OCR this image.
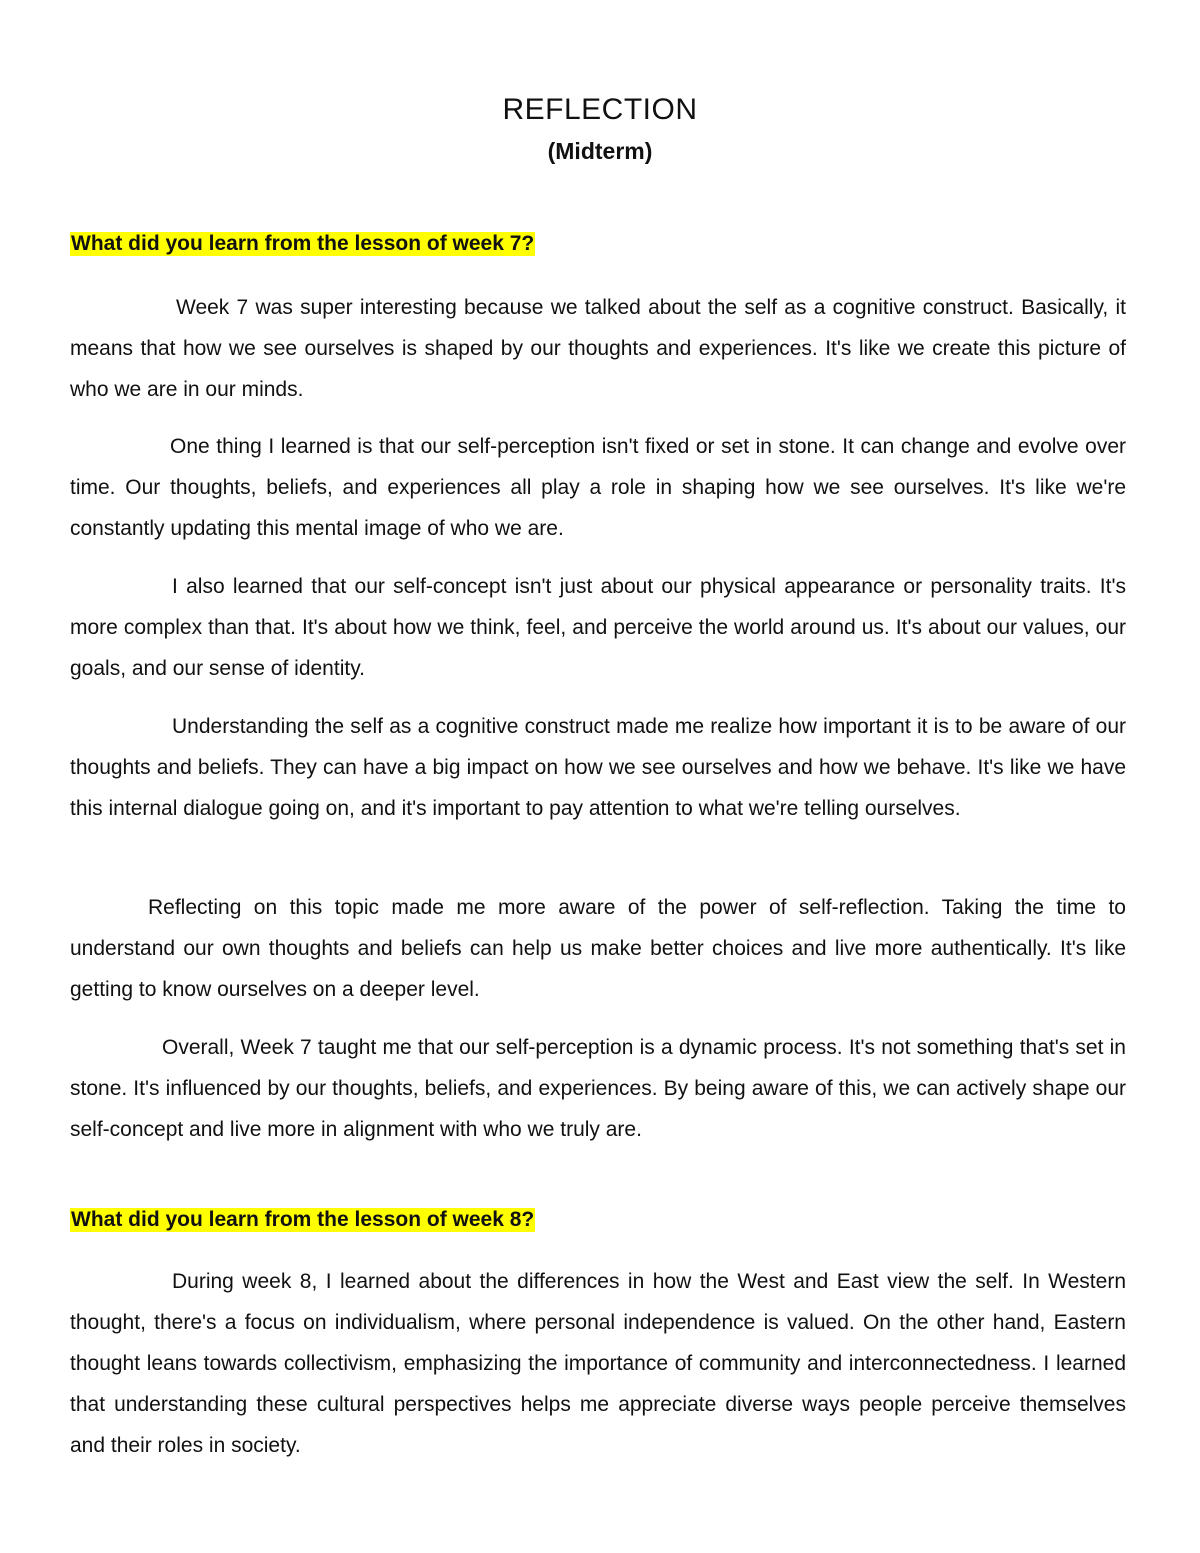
REFLECTION
(Midterm)
What did you learn from the lesson of week 7?

Week 7 was super interesting because we talked about the self as a cognitive construct. Basically, it means that how we see ourselves is shaped by our thoughts and experiences. It's like we create this picture of who we are in our minds.

One thing I learned is that our self-perception isn't fixed or set in stone. It can change and evolve over time. Our thoughts, beliefs, and experiences all play a role in shaping how we see ourselves. It's like we're constantly updating this mental image of who we are.

I also learned that our self-concept isn't just about our physical appearance or personality traits. It's more complex than that. It's about how we think, feel, and perceive the world around us. It's about our values, our goals, and our sense of identity.

Understanding the self as a cognitive construct made me realize how important it is to be aware of our thoughts and beliefs. They can have a big impact on how we see ourselves and how we behave. It's like we have this internal dialogue going on, and it's important to pay attention to what we're telling ourselves.

Reflecting on this topic made me more aware of the power of self-reflection. Taking the time to understand our own thoughts and beliefs can help us make better choices and live more authentically. It's like getting to know ourselves on a deeper level.

Overall, Week 7 taught me that our self-perception is a dynamic process. It's not something that's set in stone. It's influenced by our thoughts, beliefs, and experiences. By being aware of this, we can actively shape our self-concept and live more in alignment with who we truly are.

What did you learn from the lesson of week 8?

During week 8, I learned about the differences in how the West and East view the self. In Western thought, there's a focus on individualism, where personal independence is valued. On the other hand, Eastern thought leans towards collectivism, emphasizing the importance of community and interconnectedness. I learned that understanding these cultural perspectives helps me appreciate diverse ways people perceive themselves and their roles in society.
